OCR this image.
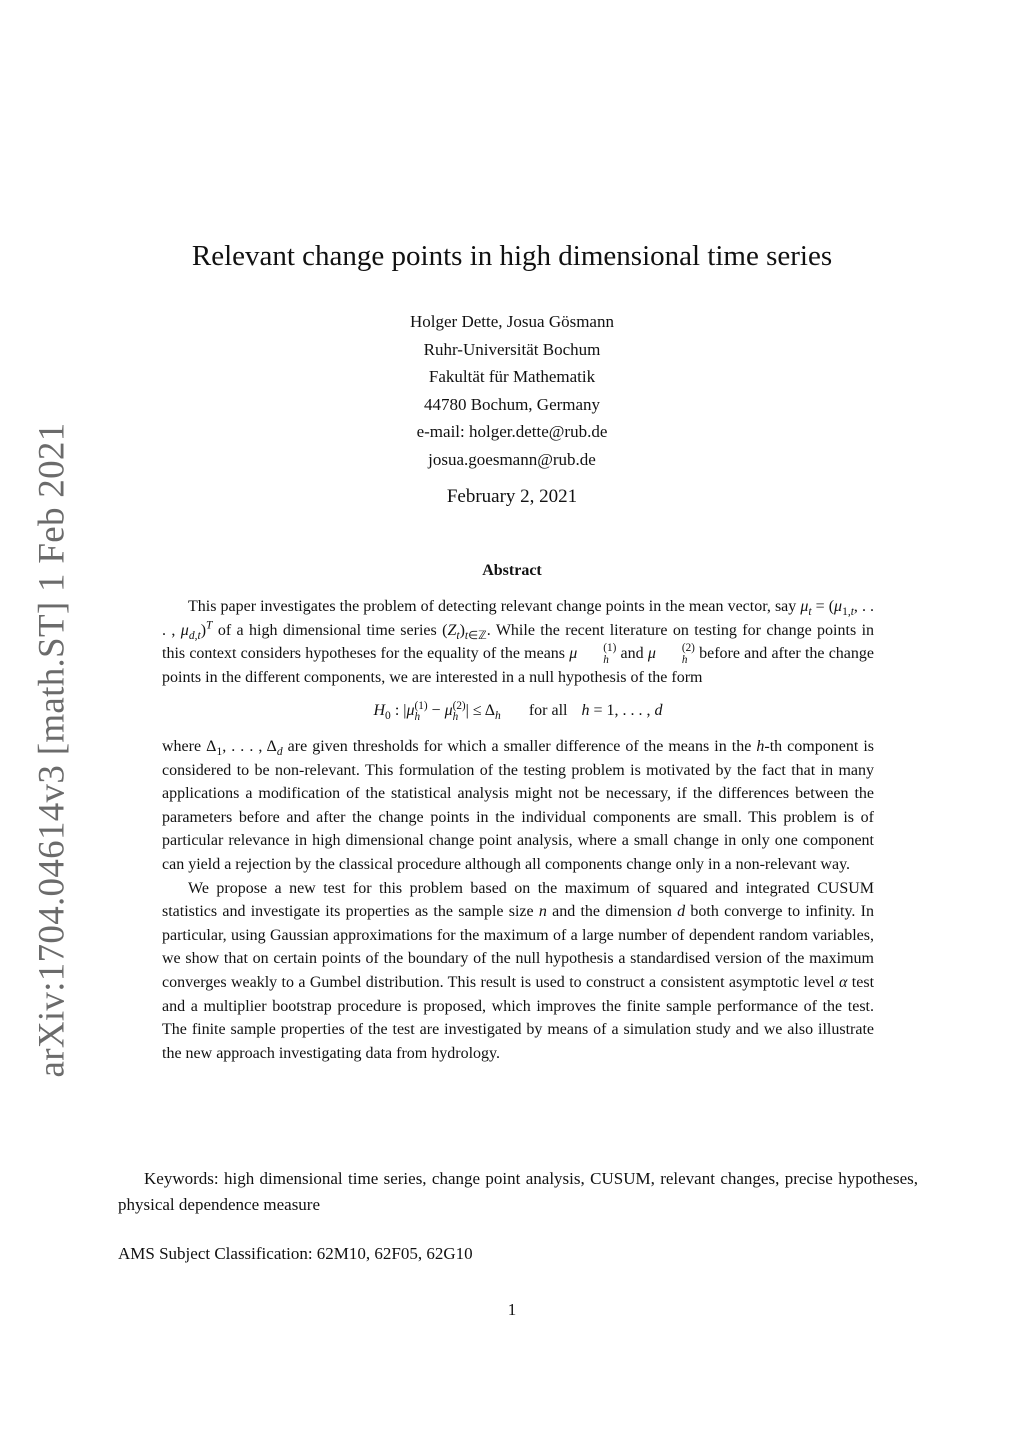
arXiv:1704.04614v3 [math.ST] 1 Feb 2021
Relevant change points in high dimensional time series
Holger Dette, Josua Gösmann
Ruhr-Universität Bochum
Fakultät für Mathematik
44780 Bochum, Germany
e-mail: holger.dette@rub.de
josua.goesmann@rub.de
February 2, 2021
Abstract

This paper investigates the problem of detecting relevant change points in the mean vector, say $\mu_t = (\mu_{1,t}$, . . . , $\mu_{d,t})^T$ of a high dimensional time series $(Z_t)_{t\in ℤ}$. While the recent literature on testing for change points in this context considers hypotheses for the equality of the means μ	(1)
h and μ	(2)
h before and after the change points in the different components, we are interested in a null hypothesis of the form

$H_0$ : |μ (1)
h − μ (2)
h | ≤ $\Delta_h$ for all h = 1, . . . , d

where $\Delta_1$, . . . , $\Delta_d$ are given thresholds for which a smaller difference of the means in the h-th component is considered to be non-relevant. This formulation of the testing problem is motivated by the fact that in many applications a modification of the statistical analysis might not be necessary, if the differences between the parameters before and after the change points in the individual components are small. This problem is of particular relevance in high dimensional change point analysis, where a small change in only one component can yield a rejection by the classical procedure although all components change only in a non-relevant way.

We propose a new test for this problem based on the maximum of squared and integrated CUSUM statistics and investigate its properties as the sample size n and the dimension d both converge to infinity. In particular, using Gaussian approximations for the maximum of a large number of dependent random variables, we show that on certain points of the boundary of the null hypothesis a standardised version of the maximum converges weakly to a Gumbel distribution. This result is used to construct a consistent asymptotic level α test and a multiplier bootstrap procedure is proposed, which improves the finite sample performance of the test. The finite sample properties of the test are investigated by means of a simulation study and we also illustrate the new approach investigating data from hydrology.

Keywords: high dimensional time series, change point analysis, CUSUM, relevant changes, precise hypotheses, physical dependence measure
AMS Subject Classification: 62M10, 62F05, 62G10
1
